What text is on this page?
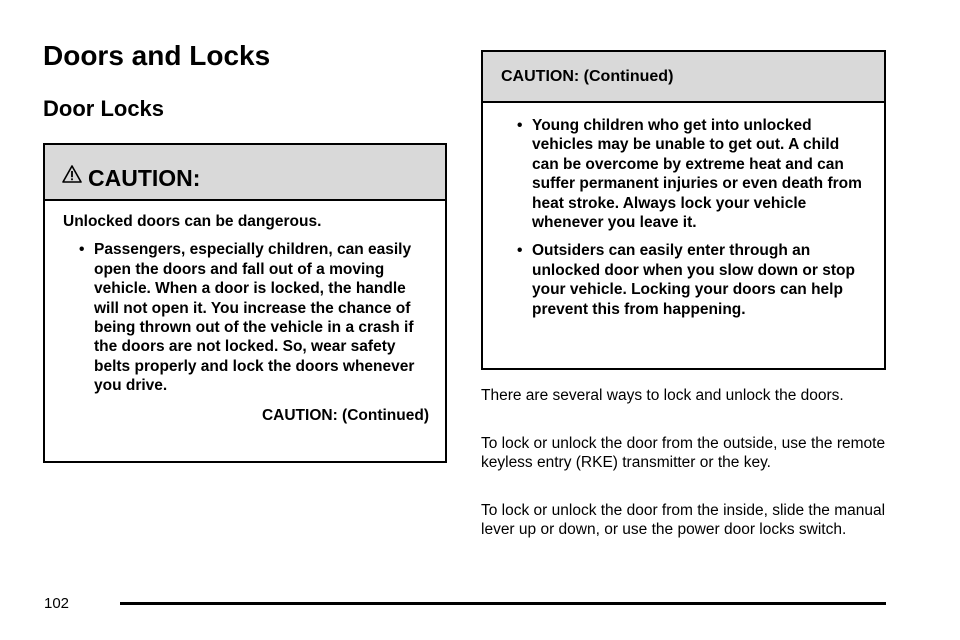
Doors and Locks
Door Locks
CAUTION:

Unlocked doors can be dangerous.

• Passengers, especially children, can easily open the doors and fall out of a moving vehicle. When a door is locked, the handle will not open it. You increase the chance of being thrown out of the vehicle in a crash if the doors are not locked. So, wear safety belts properly and lock the doors whenever you drive.
CAUTION: (Continued)
CAUTION: (Continued)
• Young children who get into unlocked vehicles may be unable to get out. A child can be overcome by extreme heat and can suffer permanent injuries or even death from heat stroke. Always lock your vehicle whenever you leave it.
• Outsiders can easily enter through an unlocked door when you slow down or stop your vehicle. Locking your doors can help prevent this from happening.

There are several ways to lock and unlock the doors.

To lock or unlock the door from the outside, use the remote keyless entry (RKE) transmitter or the key.

To lock or unlock the door from the inside, slide the manual lever up or down, or use the power door locks switch.

102
